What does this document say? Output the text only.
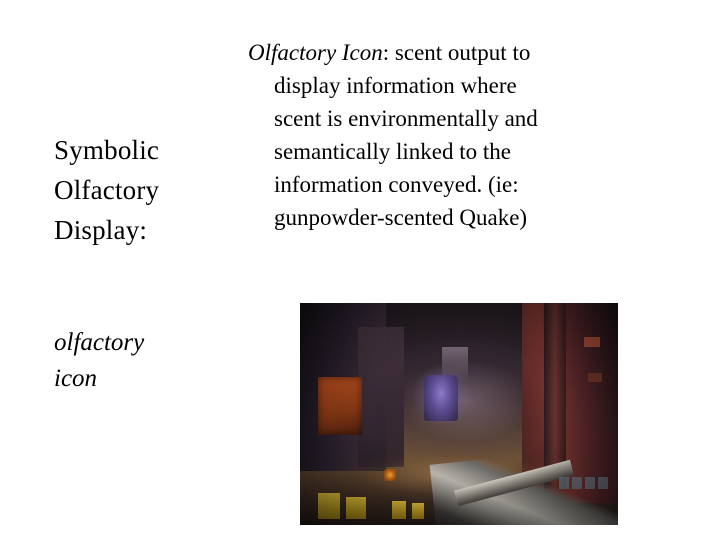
Symbolic
Olfactory
Display:
olfactory
icon
Olfactory Icon: scent output to
display information where
scent is environmentally and
semantically linked to the
information conveyed. (ie:
gunpowder-scented Quake)
